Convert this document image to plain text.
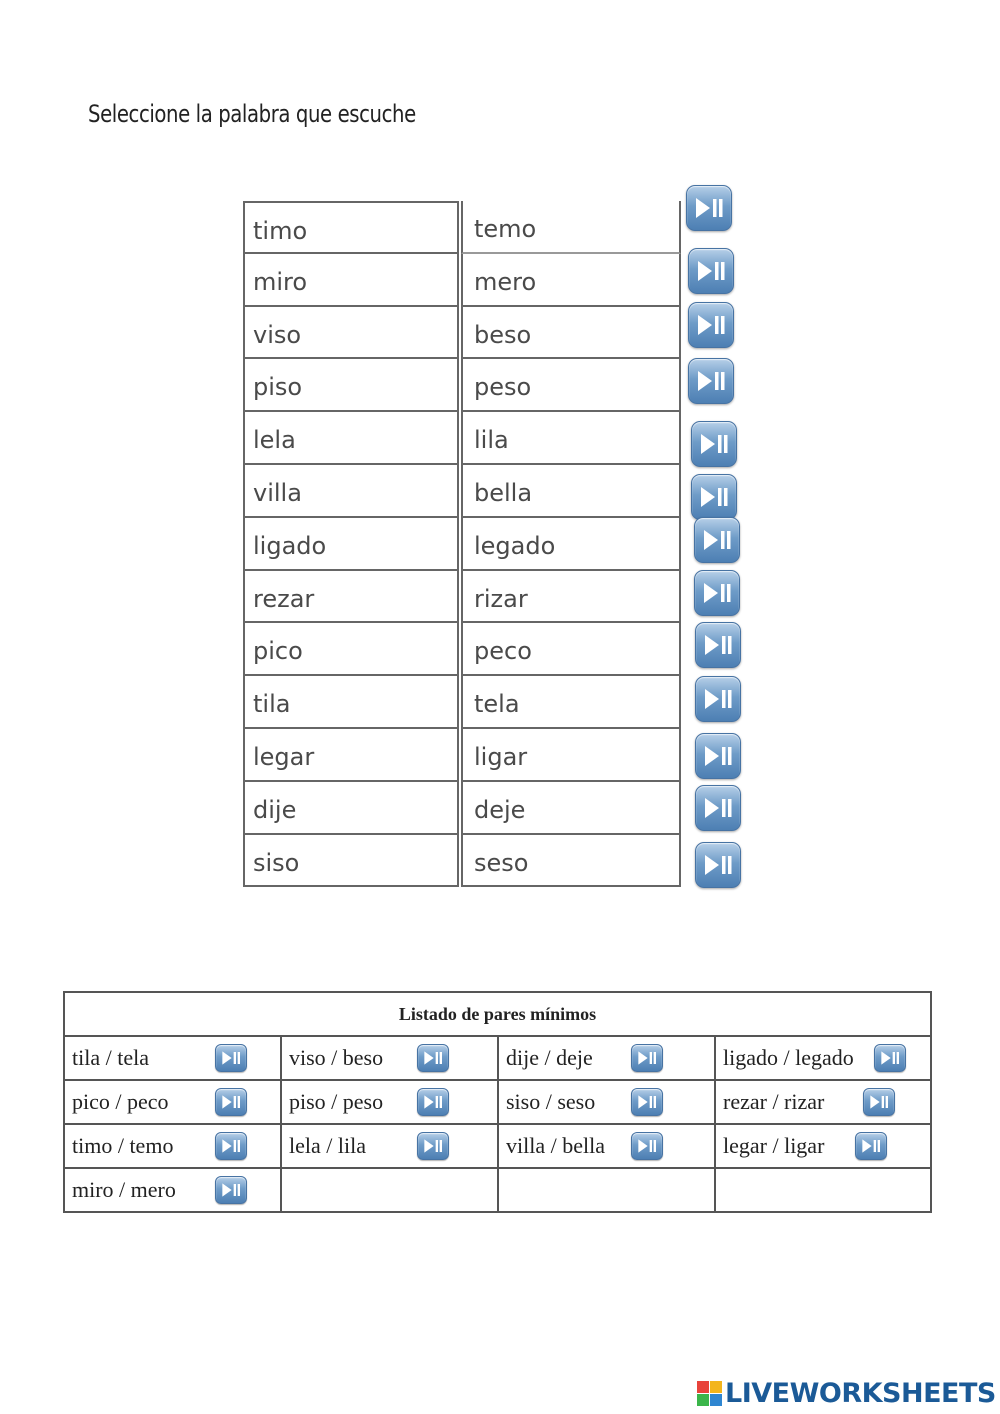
Seleccione la palabra que escuche
timo	temo
miro	mero
viso	beso
piso	peso
lela	lila
villa	bella
ligado	legado
rezar	rizar
pico	peco
tila	tela
legar	ligar
dije	deje
siso	seso
Listado de pares mínimos			
tila / tela	viso / beso	dije / deje	ligado / legado

pico / peco	piso / peso	siso / seso	rezar / rizar

timo / temo	lela / lila	villa / bella	legar / ligar

miro / mero

LIVEWORKSHEETS
